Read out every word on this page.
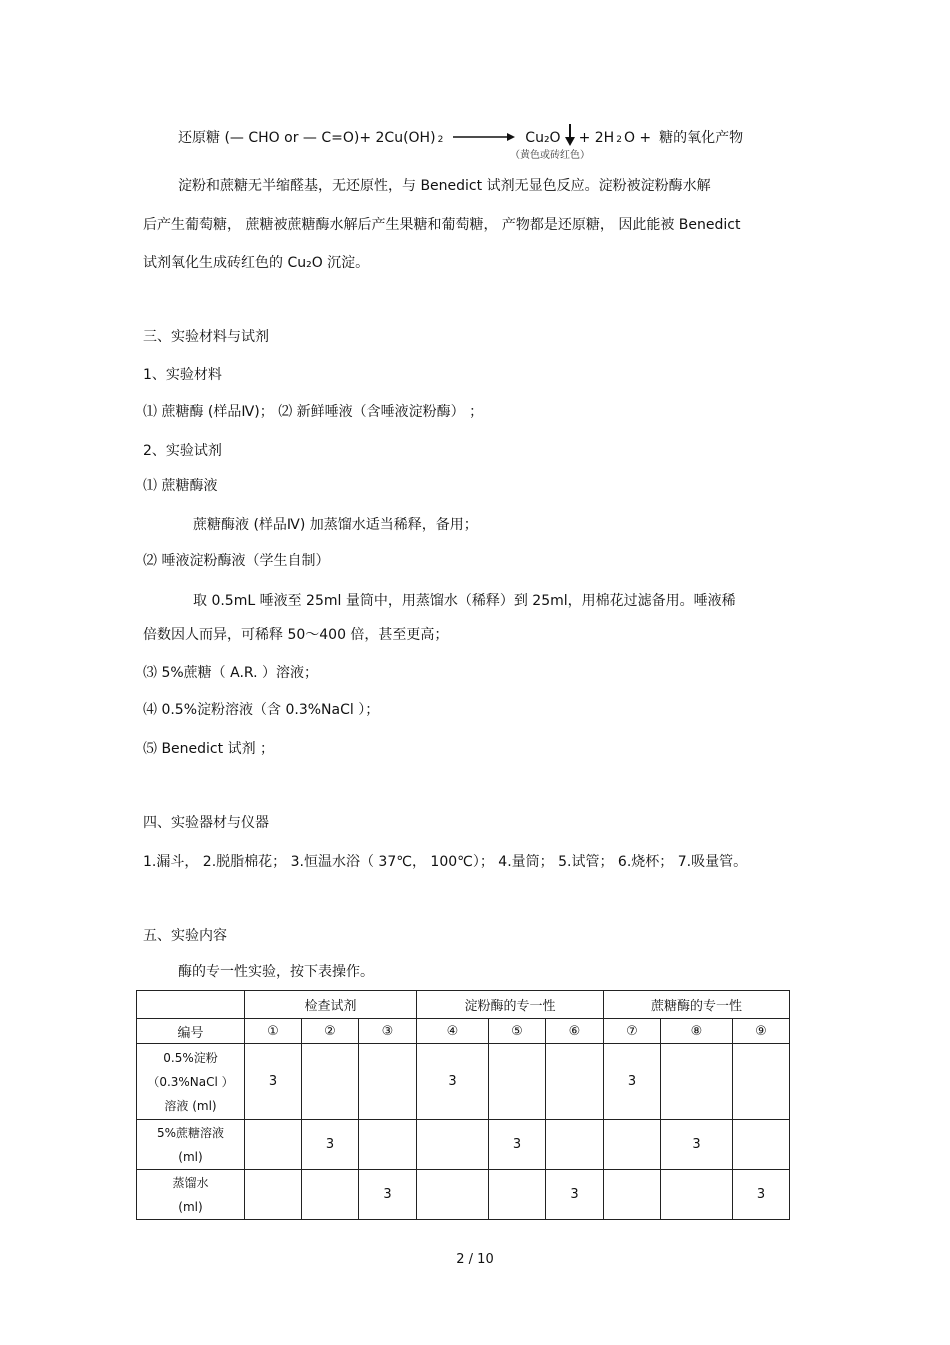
还原糖 (— CHO or — C=O)+ 2Cu(OH) 2	Cu₂O + 2H 2 O + 糖的氧化产物
（黄色或砖红色）
淀粉和蔗糖无半缩醛基，无还原性，与 Benedict 试剂无显色反应。淀粉被淀粉酶水解
后产生葡萄糖， 蔗糖被蔗糖酶水解后产生果糖和葡萄糖， 产物都是还原糖， 因此能被 Benedict
试剂氧化生成砖红色的 Cu₂O 沉淀。
三、实验材料与试剂
1、实验材料
⑴ 蔗糖酶 (样品Ⅳ)； ⑵ 新鲜唾液（含唾液淀粉酶） ；
2、实验试剂
⑴ 蔗糖酶液
蔗糖酶液 (样品Ⅳ) 加蒸馏水适当稀释，备用；
⑵ 唾液淀粉酶液（学生自制）
取 0.5mL 唾液至 25ml 量筒中，用蒸馏水（稀释）到 25ml，用棉花过滤备用。唾液稀
倍数因人而异，可稀释 50～400 倍，甚至更高；
⑶ 5%蔗糖（ A.R. ）溶液；
⑷ 0.5%淀粉溶液（含 0.3%NaCl ）；
⑸ Benedict 试剂 ；
四、实验器材与仪器
1.漏斗， 2.脱脂棉花； 3.恒温水浴（ 37℃， 100℃）； 4.量筒； 5.试管； 6.烧杯； 7.吸量管。
五、实验内容
酶的专一性实验，按下表操作。
	检查试剂			淀粉酶的专一性			蔗糖酶的专一性		
编号	①	②	③	④	⑤	⑥	⑦	⑧	⑨

0.5%淀粉
（0.3%NaCl ）
溶液 (ml)	3			3			3		

5%蔗糖溶液
(ml)		3			3			3	

蒸馏水
(ml)			3			3			3
2 / 10
